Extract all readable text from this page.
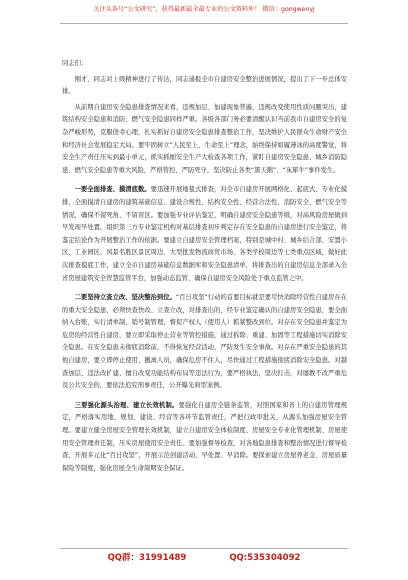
关注头条号“公文研究”，获得最新最全最专业的公文资料库！ 微信：gongwenyj

同志们：

刚才，同志对上级精神进行了传达，同志通报全市自建房安全整治进展情况，提出了下一步总体安排。

从前期自建房安全隐患排查情况来看，违规加层、加建现象普遍，违规改变使用性质问题突出，建筑结构安全隐患和消防、燃气安全隐患同样严重。各级各部门务必要清醒认识当前我市自建房安全的复杂严峻形势，克服侥幸心理，扎实抓好自建房安全隐患排查整治工作，坚决维护人民群众生命财产安全和经济社会发展稳定大局。要牢固树立“人民至上、生命至上”理念，始终保持如履薄冰的高度警觉，将安全生产责任压实到最小单元，抓实抓细安全生产大检查各项工作，紧盯自建房安全隐患、城乡消防隐患、燃气安全隐患等重大风险，严格管控、严防死守，坚决防止各类“黑天鹅”、“灰犀牛”事件发生。

一要全面排查、摸清底数。要迅速开展地毯式排查，对全市自建房开展网格化、起底式、专业化摸排，全面摸清自建房的建筑基础信息、建设合规性、结构安全性、经营合法性、消防安全、燃气安全等情况，确保不留死角、不留盲区。要加强专业评估鉴定，明确自建房安全隐患等级，对高风险房屋做到早发现早处置，组织第三方专业鉴定机构对基层排查初步判定存在安全隐患的自建房进行安全鉴定，将鉴定结论作为开展整治工作的依据。要建立自建房安全管理档案，特别是城中村、城乡结合部、安置小区、工业园区、风景名胜区景区周边、大型批发物流商贸市场、各类学校周边等七类重点区域，做好此次排查摸底工作，建立全市自建房基础信息数据库和安全隐患清单，将排查出的自建房信息全部录入全省房屋建筑安全智慧监管平台，加强动态监管，确保自建房安全风险处于重点监管之中。

二要坚持立查立改、坚决整治到位。“百日攻坚”行动的首要目标就是要尽快消除经营性自建房存在的重大安全隐患，必须快查快改、立查立改，对排查出的、经专业鉴定确认的自建房安全隐患，要全面纳入台账，实行清单制、销号制管理，督促产权人（使用人）抓紧整改到位。对存在安全隐患并鉴定为危房的经营性自建房，要立即采取停止营业等管控措施，通过拆除、重建、加固等工程措施切实消除安全隐患。在安全隐患未彻底消除前，不得恢复经营活动，严防发生安全事故。对存在严重安全隐患的其他自建房，要立即停止使用、撤离人员，确保危房不住人，尽快通过工程措施彻底消除安全隐患。对越查加层、违法改扩建、擅自改变功能结构布局等违法行为，要严格执法，坚决打击，对屡教不改严重危及公共安全的，要依法追究刑事责任，公开曝光典型案例。

三要强化源头治理、建立长效机制。要强化自建房全链条监管，对照国家和省上的自建房管理规定，严格落实用地、规划、建设、经营等各环节监管责任，严把行政审批关，从源头加强房屋安全管理。要建立健全房屋安全管理长效机制，建立自建房安全体检制度、房屋安全专业化管理机制、房屋使用安全管理责任制，压实房屋使用安全责任。要加强督导检查，对各地隐患排查和整治情况进行督导检查，开展多元化“百日攻坚”，开展示范创建活动，早处置、早消除。要探索建立房屋养老金、房屋质量保险等制度，强化房屋全生命周期安全保证。

QQ群：31991489	QQ:535304092
